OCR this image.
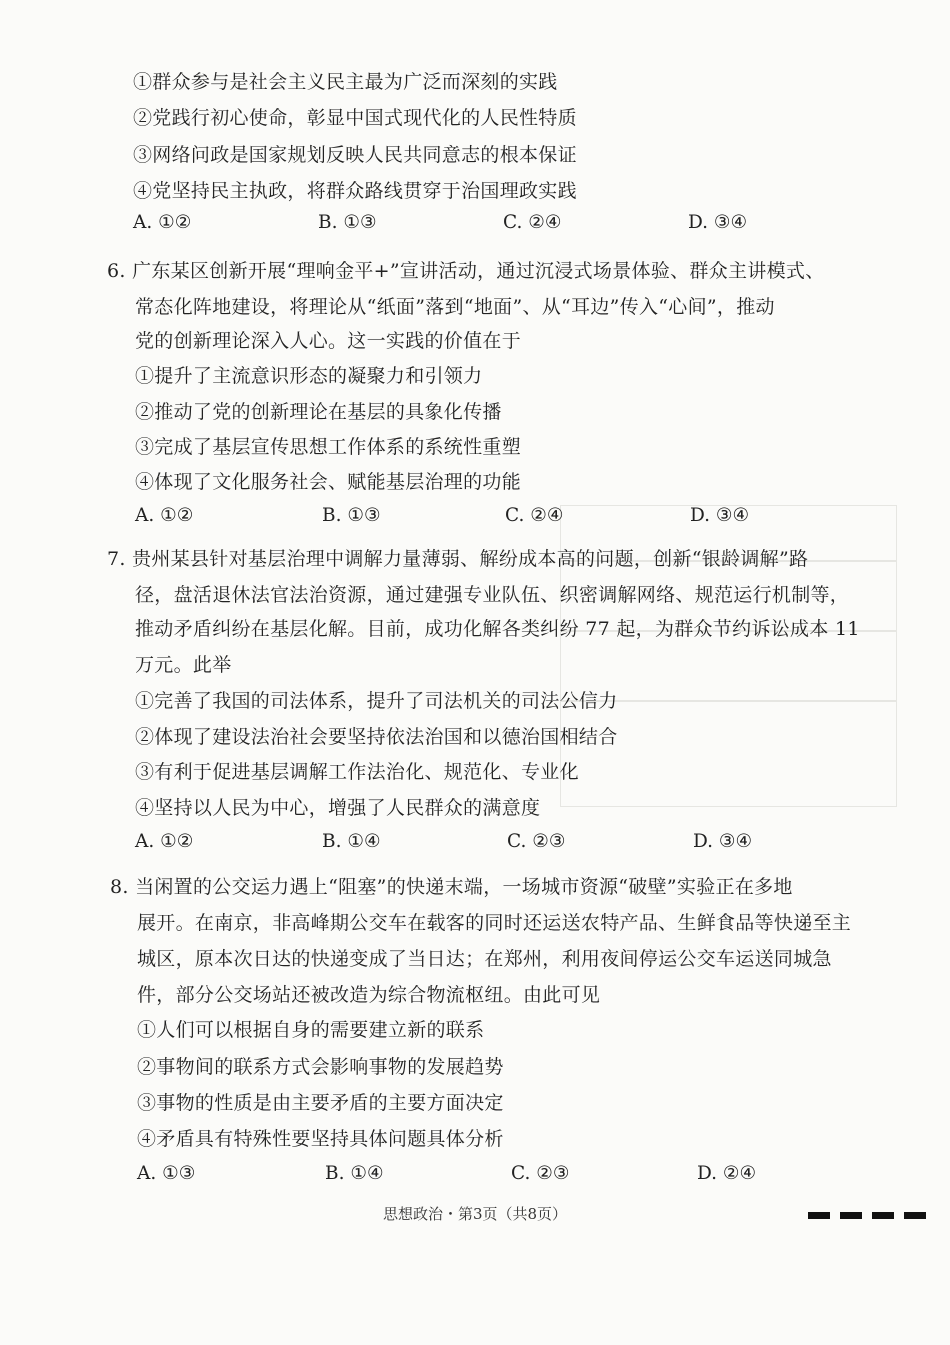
①群众参与是社会主义民主最为广泛而深刻的实践
②党践行初心使命，彰显中国式现代化的人民性特质
③网络问政是国家规划反映人民共同意志的根本保证
④党坚持民主执政，将群众路线贯穿于治国理政实践
A. ①②	B. ①③	C. ②④	D. ③④
6. 广东某区创新开展“理响金平+”宣讲活动，通过沉浸式场景体验、群众主讲模式、
常态化阵地建设，将理论从“纸面”落到“地面”、从“耳边”传入“心间”，推动
党的创新理论深入人心。这一实践的价值在于
①提升了主流意识形态的凝聚力和引领力
②推动了党的创新理论在基层的具象化传播
③完成了基层宣传思想工作体系的系统性重塑
④体现了文化服务社会、赋能基层治理的功能
A. ①②	B. ①③	C. ②④	D. ③④
7. 贵州某县针对基层治理中调解力量薄弱、解纷成本高的问题，创新“银龄调解”路
径，盘活退休法官法治资源，通过建强专业队伍、织密调解网络、规范运行机制等，
推动矛盾纠纷在基层化解。目前，成功化解各类纠纷 77 起，为群众节约诉讼成本 11
万元。此举
①完善了我国的司法体系，提升了司法机关的司法公信力
②体现了建设法治社会要坚持依法治国和以德治国相结合
③有利于促进基层调解工作法治化、规范化、专业化
④坚持以人民为中心，增强了人民群众的满意度
A. ①②	B. ①④	C. ②③	D. ③④
8. 当闲置的公交运力遇上“阻塞”的快递末端，一场城市资源“破壁”实验正在多地
展开。在南京，非高峰期公交车在载客的同时还运送农特产品、生鲜食品等快递至主
城区，原本次日达的快递变成了当日达；在郑州，利用夜间停运公交车运送同城急
件，部分公交场站还被改造为综合物流枢纽。由此可见
①人们可以根据自身的需要建立新的联系
②事物间的联系方式会影响事物的发展趋势
③事物的性质是由主要矛盾的主要方面决定
④矛盾具有特殊性要坚持具体问题具体分析
A. ①③	B. ①④	C. ②③	D. ②④
思想政治・第3页（共8页）
